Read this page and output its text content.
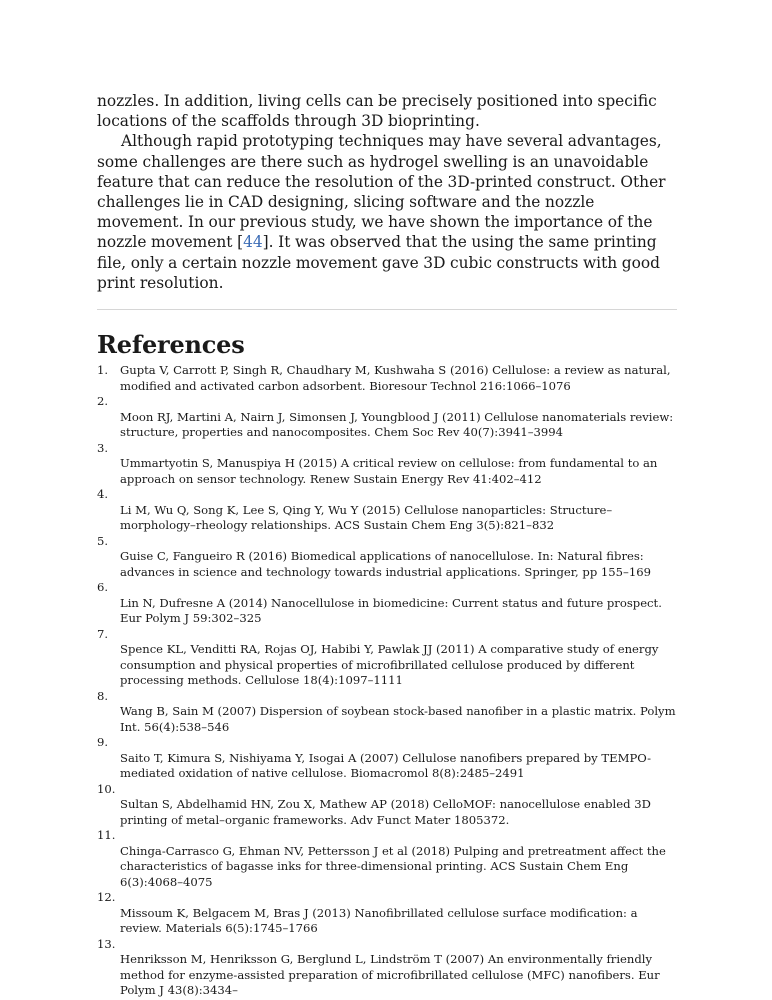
nozzles. In addition, living cells can be precisely positioned into specific locations of the scaffolds through 3D bioprinting.

Although rapid prototyping techniques may have several advantages, some challenges are there such as hydrogel swelling is an unavoidable feature that can reduce the resolution of the 3D-printed construct. Other challenges lie in CAD designing, slicing software and the nozzle movement. In our previous study, we have shown the importance of the nozzle movement [44]. It was observed that the using the same printing file, only a certain nozzle movement gave 3D cubic constructs with good print resolution.

References
1. Gupta V, Carrott P, Singh R, Chaudhary M, Kushwaha S (2016) Cellulose: a review as natural, modified and activated carbon adsorbent. Bioresour Technol 216:1066–1076
2.
Moon RJ, Martini A, Nairn J, Simonsen J, Youngblood J (2011) Cellulose nanomaterials review: structure, properties and nanocomposites. Chem Soc Rev 40(7):3941–3994
3.
Ummartyotin S, Manuspiya H (2015) A critical review on cellulose: from fundamental to an approach on sensor technology. Renew Sustain Energy Rev 41:402–412
4.
Li M, Wu Q, Song K, Lee S, Qing Y, Wu Y (2015) Cellulose nanoparticles: Structure–morphology–rheology relationships. ACS Sustain Chem Eng 3(5):821–832
5.
Guise C, Fangueiro R (2016) Biomedical applications of nanocellulose. In: Natural fibres: advances in science and technology towards industrial applications. Springer, pp 155–169
6.
Lin N, Dufresne A (2014) Nanocellulose in biomedicine: Current status and future prospect. Eur Polym J 59:302–325
7.
Spence KL, Venditti RA, Rojas OJ, Habibi Y, Pawlak JJ (2011) A comparative study of energy consumption and physical properties of microfibrillated cellulose produced by different processing methods. Cellulose 18(4):1097–1111
8.
Wang B, Sain M (2007) Dispersion of soybean stock-based nanofiber in a plastic matrix. Polym Int. 56(4):538–546
9.
Saito T, Kimura S, Nishiyama Y, Isogai A (2007) Cellulose nanofibers prepared by TEMPO-mediated oxidation of native cellulose. Biomacromol 8(8):2485–2491
10.
Sultan S, Abdelhamid HN, Zou X, Mathew AP (2018) CelloMOF: nanocellulose enabled 3D printing of metal–organic frameworks. Adv Funct Mater 1805372.
11.
Chinga-Carrasco G, Ehman NV, Pettersson J et al (2018) Pulping and pretreatment affect the characteristics of bagasse inks for three-dimensional printing. ACS Sustain Chem Eng 6(3):4068–4075
12.
Missoum K, Belgacem M, Bras J (2013) Nanofibrillated cellulose surface modification: a review. Materials 6(5):1745–1766
13.
Henriksson M, Henriksson G, Berglund L, Lindström T (2007) An environmentally friendly method for enzyme-assisted preparation of microfibrillated cellulose (MFC) nanofibers. Eur Polym J 43(8):3434–
